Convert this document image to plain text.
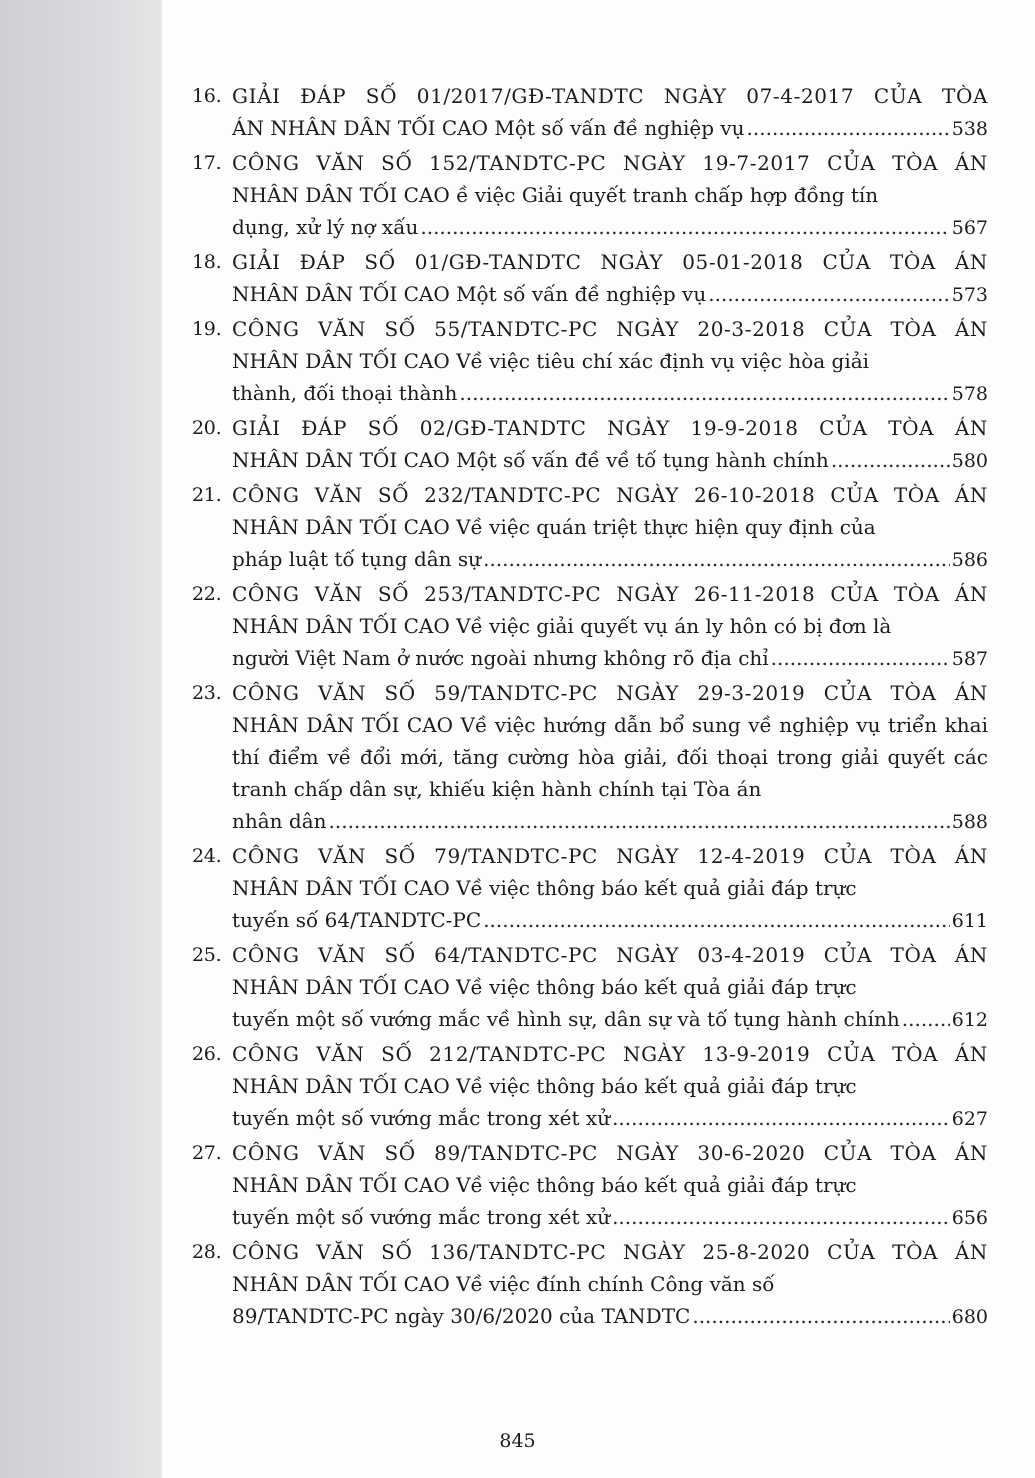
16. GIẢI ĐÁP SỐ 01/2017/GĐ-TANDTC NGÀY 07-4-2017 CỦA TÒA
ÁN NHÂN DÂN TỐI CAO Một số vấn đề nghiệp vụ .....	538
17. CÔNG VĂN SỐ 152/TANDTC-PC NGÀY 19-7-2017 CỦA TÒA ÁN
NHÂN DÂN TỐI CAO ề việc Giải quyết tranh chấp hợp đồng tín
dụng, xử lý nợ xấu .....	567
18. GIẢI ĐÁP SỐ 01/GĐ-TANDTC NGÀY 05-01-2018 CỦA TÒA ÁN
NHÂN DÂN TỐI CAO Một số vấn đề nghiệp vụ .....	573
19. CÔNG VĂN SỐ 55/TANDTC-PC NGÀY 20-3-2018 CỦA TÒA ÁN
NHÂN DÂN TỐI CAO Về việc tiêu chí xác định vụ việc hòa giải
thành, đối thoại thành .....	578
20. GIẢI ĐÁP SỐ 02/GĐ-TANDTC NGÀY 19-9-2018 CỦA TÒA ÁN
NHÂN DÂN TỐI CAO Một số vấn đề về tố tụng hành chính .....	580
21. CÔNG VĂN SỐ 232/TANDTC-PC NGÀY 26-10-2018 CỦA TÒA ÁN
NHÂN DÂN TỐI CAO Về việc quán triệt thực hiện quy định của
pháp luật tố tụng dân sự .....	586
22. CÔNG VĂN SỐ 253/TANDTC-PC NGÀY 26-11-2018 CỦA TÒA ÁN
NHÂN DÂN TỐI CAO Về việc giải quyết vụ án ly hôn có bị đơn là
người Việt Nam ở nước ngoài nhưng không rõ địa chỉ .....	587
23. CÔNG VĂN SỐ 59/TANDTC-PC NGÀY 29-3-2019 CỦA TÒA ÁN
NHÂN DÂN TỐI CAO Về việc hướng dẫn bổ sung về nghiệp vụ triển khai thí điểm về đổi mới, tăng cường hòa giải, đối thoại trong giải quyết các tranh chấp dân sự, khiếu kiện hành chính tại Tòa án
nhân dân .....	588
24. CÔNG VĂN SỐ 79/TANDTC-PC NGÀY 12-4-2019 CỦA TÒA ÁN
NHÂN DÂN TỐI CAO Về việc thông báo kết quả giải đáp trực
tuyến số 64/TANDTC-PC .....	611
25. CÔNG VĂN SỐ 64/TANDTC-PC NGÀY 03-4-2019 CỦA TÒA ÁN
NHÂN DÂN TỐI CAO Về việc thông báo kết quả giải đáp trực
tuyến một số vướng mắc về hình sự, dân sự và tố tụng hành chính .....	612
26. CÔNG VĂN SỐ 212/TANDTC-PC NGÀY 13-9-2019 CỦA TÒA ÁN
NHÂN DÂN TỐI CAO Về việc thông báo kết quả giải đáp trực
tuyến một số vướng mắc trong xét xử .....	627
27. CÔNG VĂN SỐ 89/TANDTC-PC NGÀY 30-6-2020 CỦA TÒA ÁN
NHÂN DÂN TỐI CAO Về việc thông báo kết quả giải đáp trực
tuyến một số vướng mắc trong xét xử .....	656
28. CÔNG VĂN SỐ 136/TANDTC-PC NGÀY 25-8-2020 CỦA TÒA ÁN
NHÂN DÂN TỐI CAO Về việc đính chính Công văn số
89/TANDTC-PC ngày 30/6/2020 của TANDTC .....	680
845
